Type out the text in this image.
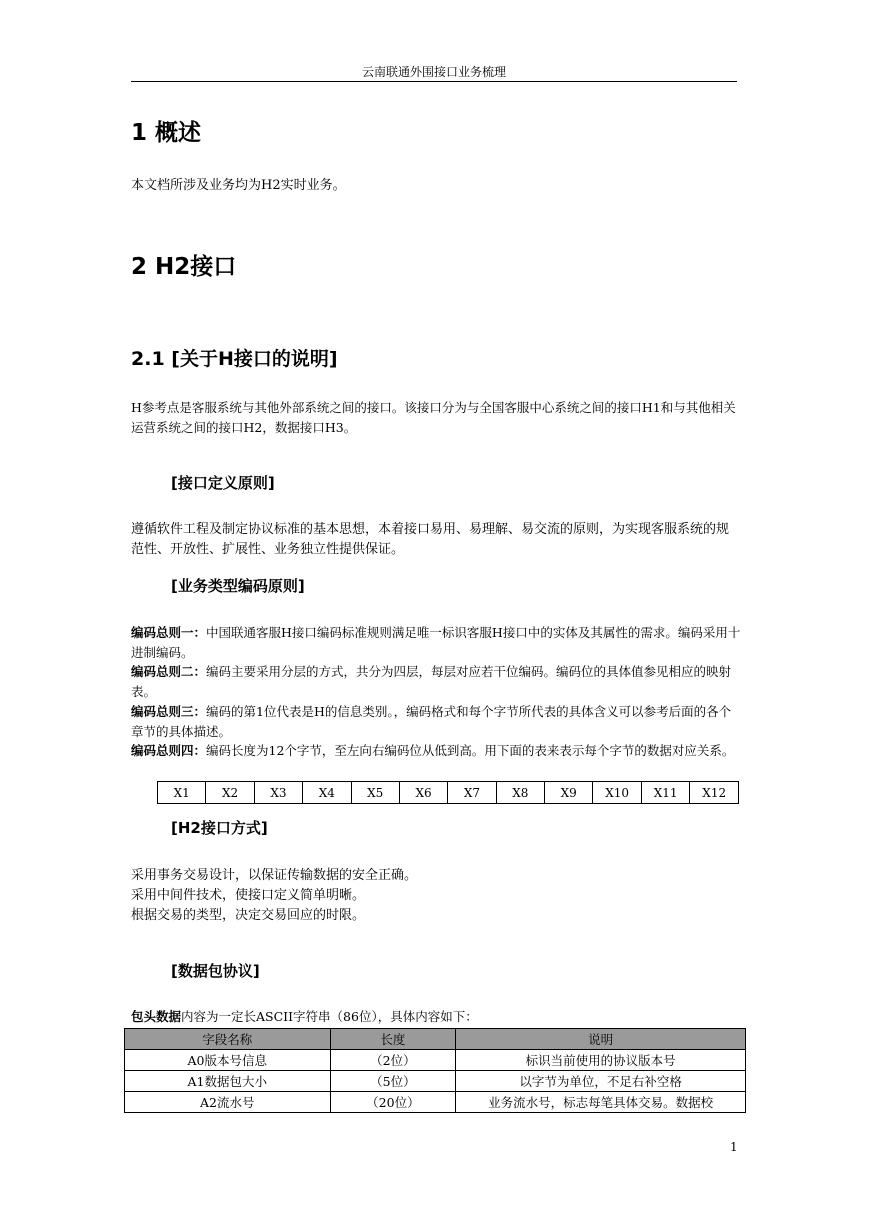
云南联通外围接口业务梳理
1 概述
本文档所涉及业务均为H2实时业务。
2 H2接口
2.1 [关于H接口的说明]
H参考点是客服系统与其他外部系统之间的接口。该接口分为与全国客服中心系统之间的接口H1和与其他相关运营系统之间的接口H2，数据接口H3。
[接口定义原则]
遵循软件工程及制定协议标准的基本思想，本着接口易用、易理解、易交流的原则，为实现客服系统的规范性、开放性、扩展性、业务独立性提供保证。
[业务类型编码原则]
编码总则一：中国联通客服H接口编码标准规则满足唯一标识客服H接口中的实体及其属性的需求。编码采用十进制编码。
编码总则二：编码主要采用分层的方式，共分为四层，每层对应若干位编码。编码位的具体值参见相应的映射表。
编码总则三：编码的第1位代表是H的信息类别。，编码格式和每个字节所代表的具体含义可以参考后面的各个章节的具体描述。
编码总则四：编码长度为12个字节，至左向右编码位从低到高。用下面的表来表示每个字节的数据对应关系。
X1	X2	X3	X4	X5	X6	X7	X8	X9	X10	X11	X12
[H2接口方式]
采用事务交易设计，以保证传输数据的安全正确。
采用中间件技术，使接口定义简单明晰。
根据交易的类型，决定交易回应的时限。
[数据包协议]
包头数据内容为一定长ASCII字符串（86位），具体内容如下：
字段名称	长度	说明
A0版本号信息	（2位）	标识当前使用的协议版本号
A1数据包大小	（5位）	以字节为单位，不足右补空格
A2流水号	（20位）	业务流水号，标志每笔具体交易。数据校
1
